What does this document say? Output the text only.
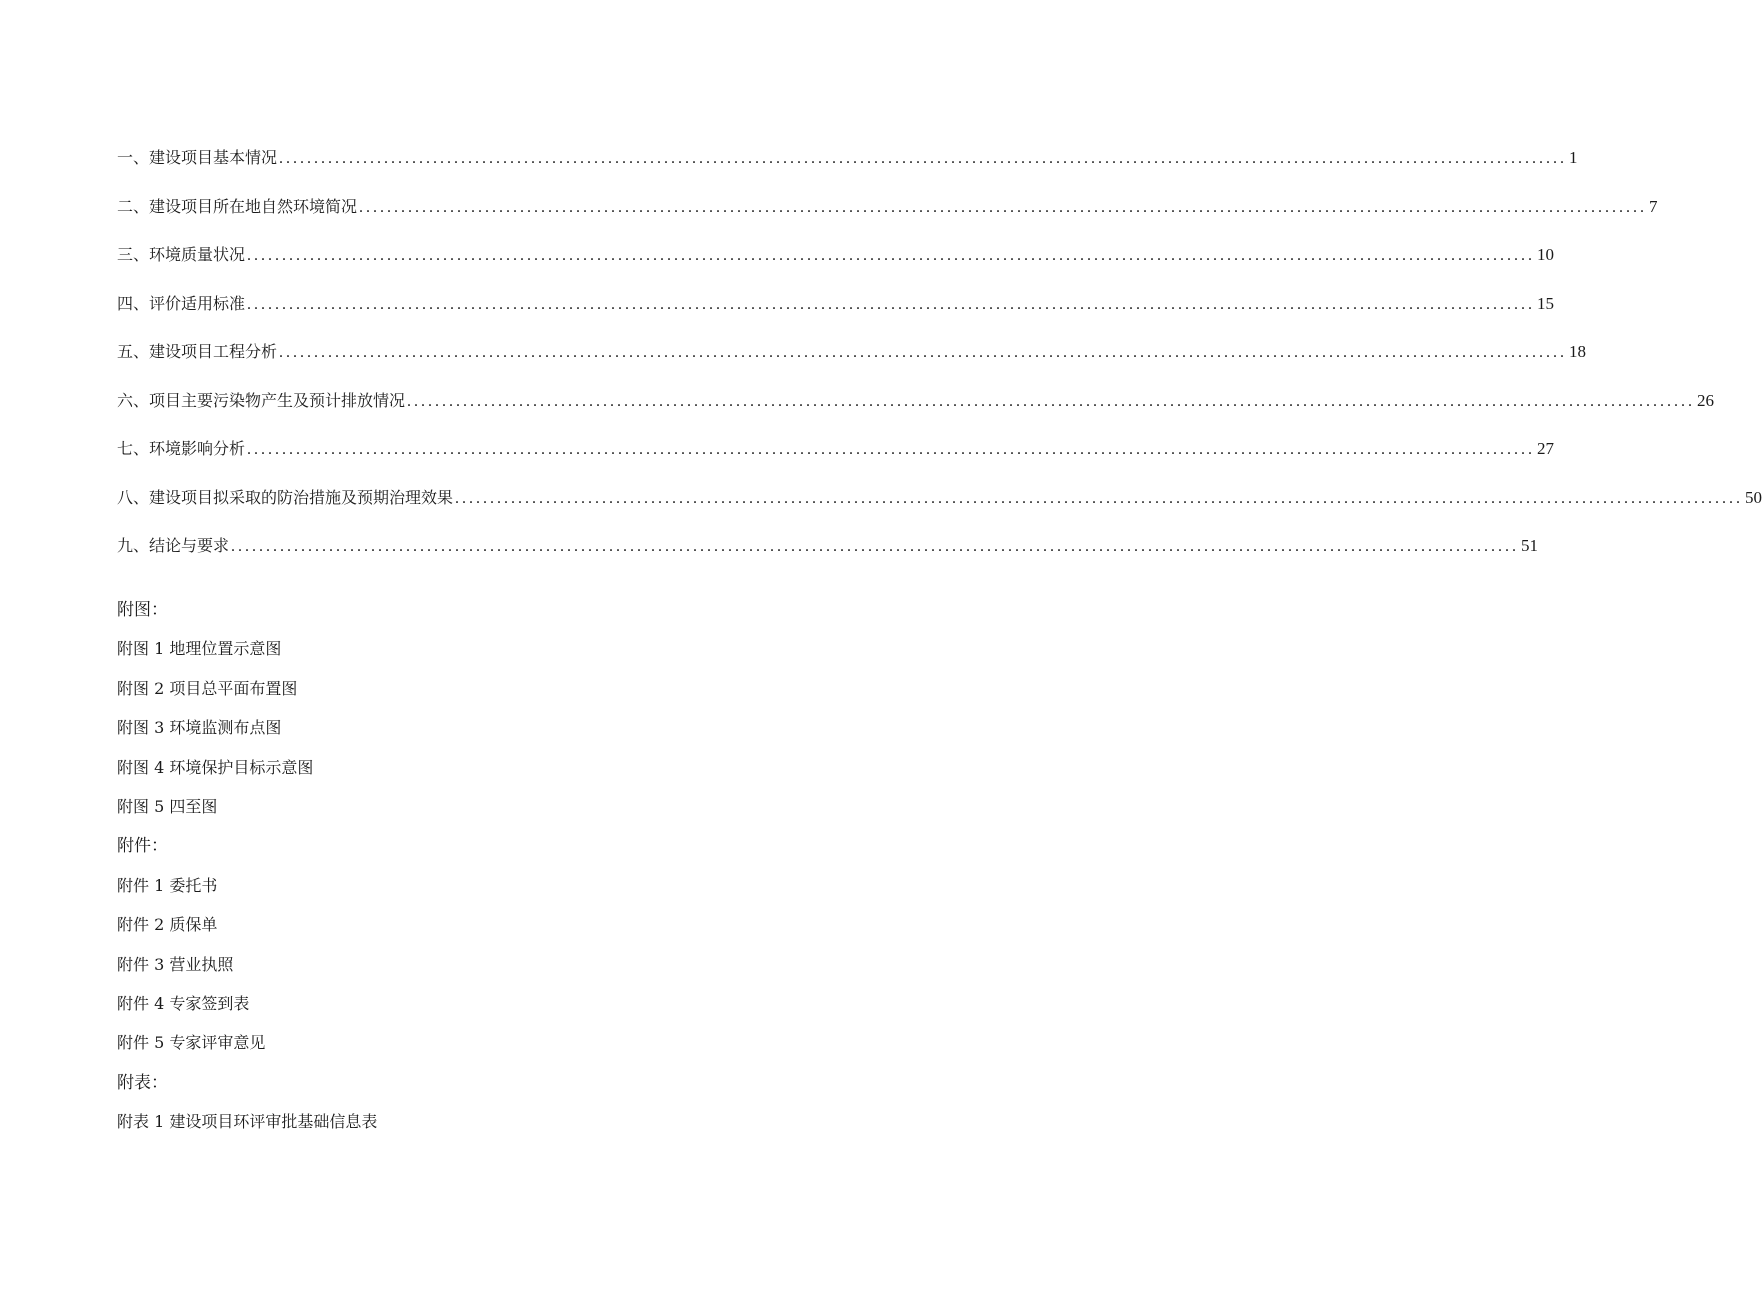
一、建设项目基本情况 ........................................................................................................................................................................................ 1
二、建设项目所在地自然环境简况 ........................................................................................................................................................................................ 7
三、环境质量状况 ........................................................................................................................................................................................ 10
四、评价适用标准 ........................................................................................................................................................................................ 15
五、建设项目工程分析 ........................................................................................................................................................................................ 18
六、项目主要污染物产生及预计排放情况 ........................................................................................................................................................................................ 26
七、环境影响分析 ........................................................................................................................................................................................ 27
八、建设项目拟采取的防治措施及预期治理效果 ........................................................................................................................................................................................ 50
九、结论与要求 ........................................................................................................................................................................................ 51
附图：
附图 1 地理位置示意图
附图 2 项目总平面布置图
附图 3 环境监测布点图
附图 4 环境保护目标示意图
附图 5 四至图
附件：
附件 1 委托书
附件 2 质保单
附件 3 营业执照
附件 4 专家签到表
附件 5 专家评审意见
附表：
附表 1 建设项目环评审批基础信息表
